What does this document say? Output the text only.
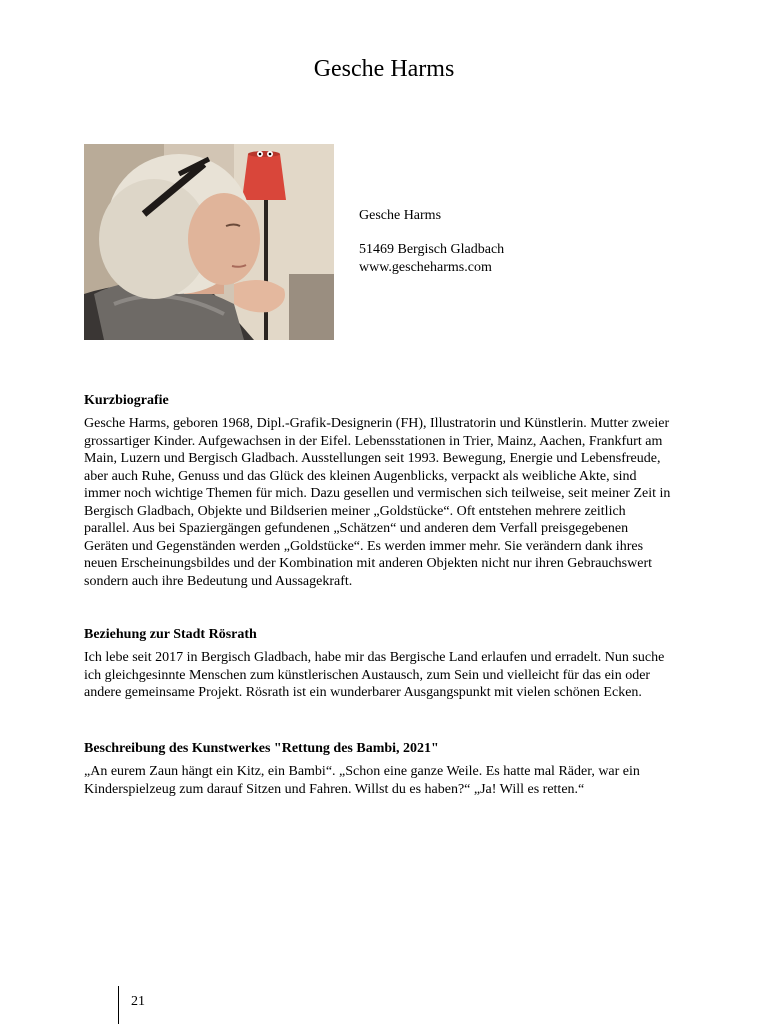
Gesche Harms
Gesche Harms
51469 Bergisch Gladbach
www.gescheharms.com
Kurzbiografie
Gesche Harms, geboren 1968, Dipl.-Grafik-Designerin (FH), Illustratorin und Künstlerin. Mutter zweier grossartiger Kinder. Aufgewachsen in der Eifel. Lebensstationen in Trier, Mainz, Aachen, Frankfurt am Main, Luzern und Bergisch Gladbach. Ausstellungen seit 1993. Bewegung, Energie und Lebensfreude, aber auch Ruhe, Genuss und das Glück des kleinen Augenblicks, verpackt als weibliche Akte, sind immer noch wichtige Themen für mich. Dazu gesellen und vermischen sich teilweise, seit meiner Zeit in Bergisch Gladbach, Objekte und Bildserien meiner „Goldstücke“. Oft entstehen mehrere zeitlich parallel. Aus bei Spaziergängen gefundenen „Schätzen“ und anderen dem Verfall preisgegebenen Geräten und Gegenständen werden „Goldstücke“. Es werden immer mehr. Sie verändern dank ihres neuen Erscheinungsbildes und der Kombination mit anderen Objekten nicht nur ihren Gebrauchswert sondern auch ihre Bedeutung und Aussagekraft.
Beziehung zur Stadt Rösrath
Ich lebe seit 2017 in Bergisch Gladbach, habe mir das Bergische Land erlaufen und erradelt. Nun suche ich gleichgesinnte Menschen zum künstlerischen Austausch, zum Sein und vielleicht für das ein oder andere gemeinsame Projekt. Rösrath ist ein wunderbarer Ausgangspunkt mit vielen schönen Ecken.
Beschreibung des Kunstwerkes "Rettung des Bambi, 2021"
„An eurem Zaun hängt ein Kitz, ein Bambi“. „Schon eine ganze Weile. Es hatte mal Räder, war ein Kinderspielzeug zum darauf Sitzen und Fahren. Willst du es haben?“ „Ja! Will es retten.“
21
